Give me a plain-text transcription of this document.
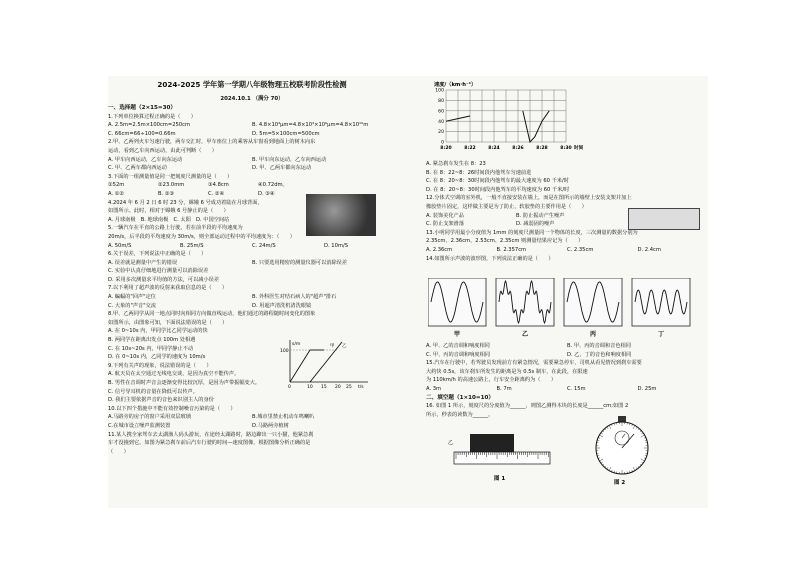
2024-2025 学年第一学期八年级物理五校联考阶段性检测
2024.10.1 （满分 70）
一、选择题（2×15=30）
1.下列单位换算过程正确的是（　　）
A. 2.5m=2.5m×100cm=250cm	B. 4.8×10⁴μm=4.8×10⁴×10⁶μm=4.8×10¹⁰m
C. 66cm=66÷100=0.66m	D. 5m=5×100cm=500cm
2.甲、乙两列火车匀速行驶，两车交汇时，甲车座位上的乘客从车窗看到地面上的树木向东
运动，看到乙车向西运动，由此可判断（　　）
A. 甲车向西运动，乙车向东运动	B. 甲车向东运动，乙车向西运动
C. 甲、乙两车都向西运动	D. 甲、乙两车都向东运动
3.下面的一组测量值是同一把刻度尺测量的是（　　）
①52m	②23.0mm	③4.8cm	④0.72dm。
A. ①②	B. ②③	C. ②④	D. ③④
4.2024 年 6 月 2 日 6 时 23 分，嫦娥 6 号成功着陆在月球背面，
如图所示。此时，相对于嫦娥 6 号静止的是（　　）
A. 月球南极　B. 地球南极　C. 太阳　D. 中国空间站
5.一辆汽车在平直的公路上行驶，若在前半段的平均速度为
20m/s，后半段的平均速度为 30m/s，则全部运动过程中的平均速度为：（　　）
A. 50m/S	B. 25m/S	C. 24m/S	D. 10m/S
6.关于误差，下列说法中正确的是（　　）
A. 误差就是测量中产生的错误	B. 只要选用精密的测量仪器可以消除误差
C. 实验中认真仔细地进行测量可以消除误差
D. 采用多次测量求平均值的方法，可以减小误差
7.以下利用了超声波的反射来获取信息的是（　　）
A. 蝙蝠的"回声"定位	B. 外科医生对结石病人的"超声"排石
C. 大象的"声音"交流	D. 用超声清洗机清洗眼镜
8.甲、乙两同学从同一地点同时向相同方向做直线运动，他们通过的路程随时间变化的图象
如图所示，由图象可知，下面说法错误的是（　　）
A. 在 0~10s 内，甲同学比乙同学运动的快
B. 两同学在距离出发点 100m 处相遇
C. 在 10s~20s 内，甲同学静止不动
D. 在 0~10s 内，乙同学的速度为 10m/s
9.下列有关声的现象，说法错误的是（　　）
A. 航天员在太空通过无线电交谈，是因为真空不能传声。
B. 男性在音调时声音会逐渐变得比较沉厚，是因为声带振幅变大。
C. 信号导耳机的音量在降低可以传声。
D. 我们主要依据声音的音色来识别主人的身份
10.以下四个措施中不能有效控制噪音污染的是（　　）
A.马路旁的房子的窗户采用双层玻璃	B.城市里禁止机动车鸣喇叭
C.在城市设立噪声监测装置	D.马路两旁植树
11.某人携全家驾车去太湖渔人码头游玩，在途经太湖路时，路边蹿出一只小猫，他紧急刹
车才没撞到它。如图为紧急刹车前后汽车行驶的时间—速度图像，根据图像分析正确的是
（　　）
s/m
t/s
100
0	10 15 20 25
甲 乙
速度/（km·h⁻¹）
0
20
40
60
80
100
8:20	8:22	8:24	8:26	8:28	8:30 时间
A. 紧急刹车发生在 8：23
B. 在 8：22~8：26时间段内他驾车匀速前进
C. 在 8：20~8：30时间段内他驾车的最大速度为 60 千米/时
D. 在 8：20~8：30时间段内他驾车的平均速度为 60 千米/时
12.分体式空调的室外机，一般不直接安装在墙上，而是在图所示的墙壁上安装支架并加上
橡胶垫片固定，这样做主要是为了防止，软胶垫的主要作用是（　　）
A. 装饰美化产品	B. 防止振动产生噪声
C. 防止支架滑落	D. 减弱固的噪声
13.小明同学用最小分度值为 1mm 的刻度尺测量同一个物体的长度，三次测量的数据分别为
2.35cm、2.36cm、2.53cm、2.35cm 则测量结果应记为（　　）
A. 2.36cm	B. 2.357cm	C. 2.35cm	D. 2.4cm
14.如图所示声波的波形图，下列说法正确的是（　　）
甲	乙	丙	丁
A. 甲、乙的音调和响度相同	B. 甲、丙的音调和音色相同
C. 甲、丙的音调和响度相同	D. 乙、丁的音色和响度相同
15.汽车在行驶中，若驾驶员发现前方有紧急情况，需要紧急停车，司机从看见情况到刹车需要
大约快 0.5s，该车刹车所发生的距离是为 0.5s 制车，在此段，在限速
为 110km/h 的高速公路上，行车安全距离约为（　　）
A. 3m	B. 7m	C. 15m	D. 25m
二、填空题（1×10=10）
16. 如图 1 所示，刻度尺的分度值为______，则图乙测得木块的长度是______cm;如图 2
所示，秒表的读数为______。
乙
图 1
图 2
